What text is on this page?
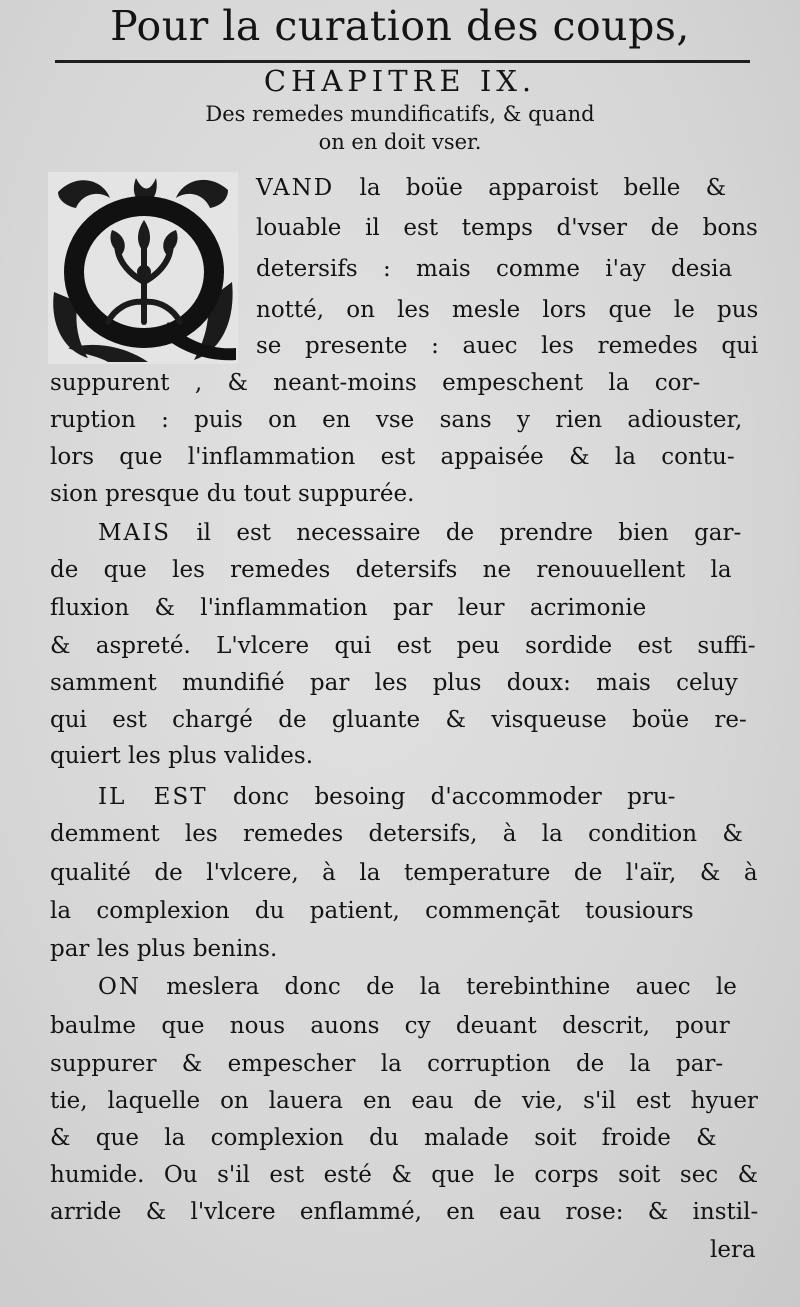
Pour la curation des coups,
CHAPITRE IX.
Des remedes mundificatifs, & quand
on en doit vser.
VAND la boüe apparoist belle &
louable il est temps d'vser de bons
detersifs : mais comme i'ay desia
notté, on les mesle lors que le pus
se presente : auec les remedes qui
suppurent , & neant-moins empeschent la cor-
ruption : puis on en vse sans y rien adiouster,
lors que l'inflammation est appaisée & la contu-
sion presque du tout suppurée.
MAIS il est necessaire de prendre bien gar-
de que les remedes detersifs ne renouuellent la
fluxion & l'inflammation par leur acrimonie
& aspreté. L'vlcere qui est peu sordide est suffi-
samment mundifié par les plus doux: mais celuy
qui est chargé de gluante & visqueuse boüe re-
quiert les plus valides.
IL EST donc besoing d'accommoder pru-
demment les remedes detersifs, à la condition &
qualité de l'vlcere, à la temperature de l'aïr, & à
la complexion du patient, commençāt tousiours
par les plus benins.
ON meslera donc de la terebinthine auec le
baulme que nous auons cy deuant descrit, pour
suppurer & empescher la corruption de la par-
tie, laquelle on lauera en eau de vie, s'il est hyuer
& que la complexion du malade soit froide &
humide. Ou s'il est esté & que le corps soit sec &
arride & l'vlcere enflammé, en eau rose: & instil-
lera
